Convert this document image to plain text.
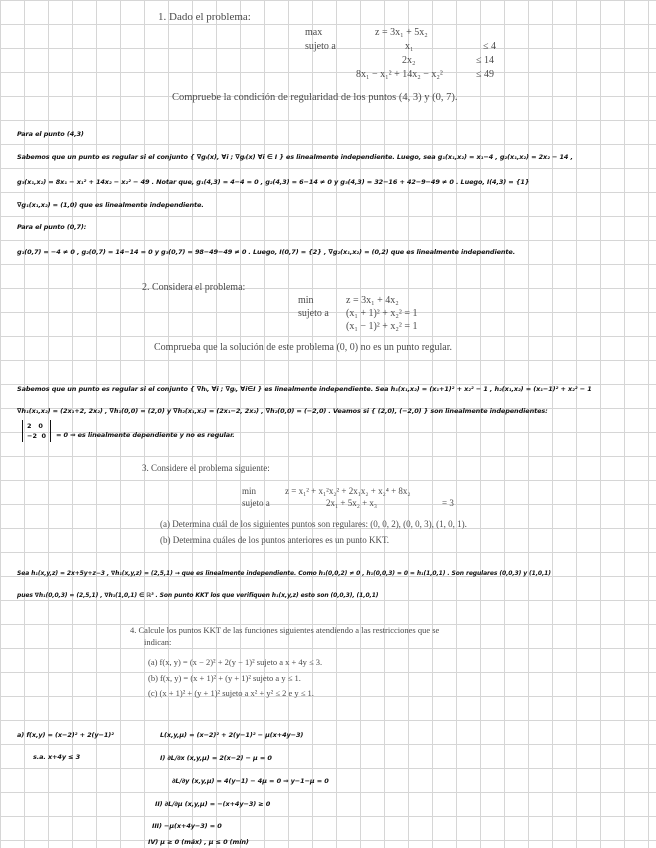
1. Dado el problema:
max	z = 3x₁ + 5x₂
sujeto a	x₁	≤ 4
2x₂	≤ 14
8x₁ − x₁² + 14x₂ − x₂²	≤ 49
Compruebe la condición de regularidad de los puntos (4, 3) y (0, 7).
Para el punto (4,3)
Sabemos que un punto es regular si el conjunto { ∇gᵢ(x), ∀i ; ∇gᵢ(x) ∀i ∈ I } es linealmente independiente. Luego, sea g₁(x₁,x₂) = x₁−4 , g₂(x₁,x₂) = 2x₂ − 14 ,
g₃(x₁,x₂) = 8x₁ − x₁² + 14x₂ − x₂² − 49 . Notar que, g₁(4,3) = 4−4 = 0 , g₂(4,3) = 6−14 ≠ 0 y g₃(4,3) = 32−16 + 42−9−49 ≠ 0 . Luego, I(4,3) = {1}
∇g₁(x₁,x₂) = (1,0) que es linealmente independiente.
Para el punto (0,7):
g₁(0,7) = −4 ≠ 0 , g₂(0,7) = 14−14 = 0 y g₃(0,7) = 98−49−49 ≠ 0 . Luego, I(0,7) = {2} , ∇g₂(x₁,x₂) = (0,2) que es linealmente independiente.
2. Considera el problema:
min	z = 3x₁ + 4x₂
sujeto a (x₁ + 1)² + x₂² = 1
(x₁ − 1)² + x₂² = 1
Comprueba que la solución de este problema (0, 0) no es un punto regular.
Sabemos que un punto es regular si el conjunto { ∇hᵢ, ∀i ; ∇gᵢ, ∀i∈I } es linealmente independiente. Sea h₁(x₁,x₂) = (x₁+1)² + x₂² − 1 , h₂(x₁,x₂) = (x₁−1)² + x₂² − 1
∇h₁(x₁,x₂) = (2x₁+2, 2x₂) , ∇h₁(0,0) = (2,0) y ∇h₂(x₁,x₂) = (2x₁−2, 2x₂) , ∇h₂(0,0) = (−2,0) . Veamos si { (2,0), (−2,0) } son linealmente independientes:
2 0
−2 0	= 0 ⇒ es linealmente dependiente y no es regular.
3. Considere el problema siguiente:
min	z = x₁² + x₁²x₂² + 2x₁x₂ + x₂⁴ + 8x₂
sujeto a	2x₁ + 5x₂ + x₃	= 3
(a) Determina cuál de los siguientes puntos son regulares: (0, 0, 2), (0, 0, 3), (1, 0, 1).
(b) Determina cuáles de los puntos anteriores es un punto KKT.
Sea h₁(x,y,z) = 2x+5y+z−3 , ∇h₁(x,y,z) = (2,5,1) → que es linealmente independiente. Como h₁(0,0,2) ≠ 0 , h₁(0,0,3) = 0 = h₁(1,0,1) . Son regulares (0,0,3) y (1,0,1)
pues ∇h₁(0,0,3) = (2,5,1) , ∇h₁(1,0,1) ∈ ℝ³ . Son punto KKT los que verifiquen h₁(x,y,z) esto son (0,0,3), (1,0,1)
4. Calcule los puntos KKT de las funciones siguientes atendiendo a las restricciones que se
indican:
(a) f(x, y) = (x − 2)² + 2(y − 1)² sujeto a x + 4y ≤ 3.
(b) f(x, y) = (x + 1)² + (y + 1)² sujeto a y ≤ 1.
(c) (x + 1)² + (y + 1)² sujeto a x² + y² ≤ 2 e y ≤ 1.
a) f(x,y) = (x−2)² + 2(y−1)²
s.a. x+4y ≤ 3
L(x,y,μ) = (x−2)² + 2(y−1)² − μ(x+4y−3)
I) ∂L/∂x (x,y,μ) = 2(x−2) − μ = 0
∂L/∂y (x,y,μ) = 4(y−1) − 4μ = 0 ⇒ y−1−μ = 0
II) ∂L/∂μ (x,y,μ) = −(x+4y−3) ≥ 0
III) −μ(x+4y−3) = 0
IV) μ ≥ 0 (máx) , μ ≤ 0 (mín)
